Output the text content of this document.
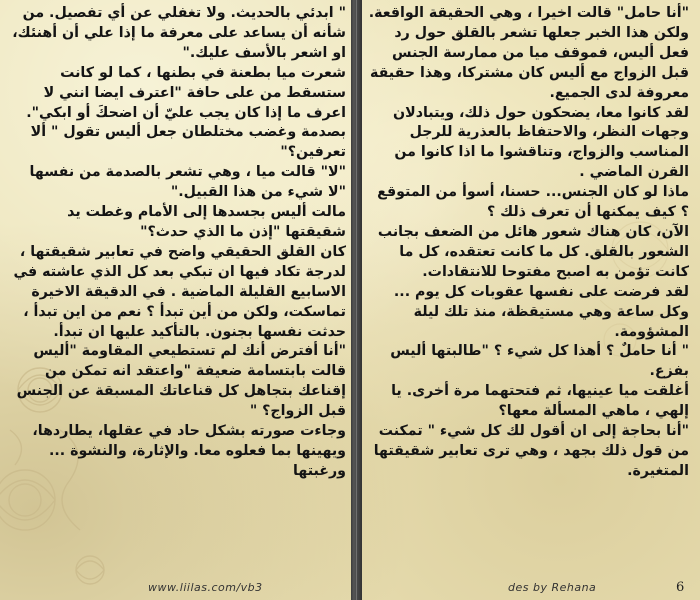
" ابدئي بالحديث. ولا تغفلي عن أي تفصيل. من شأنه أن يساعد على معرفة ما إذا علي أن أهنئك، او اشعر بالأسف عليك."

شعرت ميا بطعنة في بطنها ، كما لو كانت ستسقط من على حافة "اعترف ايضا انني لا اعرف ما إذا كان يجب عليّ أن اضحكَ أو ابكي".

بصدمة وغضب مختلطان جعل أليس تقول " ألا تعرفين؟"

"لا" قالت ميا ، وهي تشعر بالصدمة من نفسها "لا شيء من هذا القبيل."

مالت أليس بجسدها إلى الأمام وغطت يد شقيقتها "إذن ما الذي حدث؟"

كان القلق الحقيقي واضح في تعابير شقيقتها ، لدرجة تكاد فيها ان تبكي بعد كل الذي عاشته في الاسابيع القليلة الماضية . في الدقيقة الاخيرة تماسكت، ولكن من أين تبدأ ؟ نعم من اين تبدأ ، حدثت نفسها بجنون. بالتأكيد عليها ان تبدأ.

"أنا أفترض أنك لم تستطيعي المقاومة "أليس قالت بابتسامة ضعيفة "واعتقد انه تمكن من إقناعك بتجاهل كل قناعاتك المسبقة عن الجنس قبل الزواج؟ "

وجاءت صورته بشكل حاد في عقلها، يطاردها، ويهينها بما فعلوه معا. والإثارة، والنشوة ... ورغبتها

"أنا حامل" قالت اخيرا ، وهي الحقيقة الواقعة. ولكن هذا الخبر جعلها تشعر بالقلق حول رد فعل أليس، فموقف ميا من ممارسة الجنس قبل الزواج مع أليس كان مشتركا، وهذا حقيقة معروفة لدى الجميع.

لقد كانوا معا، يضحكون حول ذلك، ويتبادلان وجهات النظر، والاحتفاظ بالعذرية للرجل المناسب والزواج، وتناقشوا ما اذا كانوا من القرن الماضي .

ماذا لو كان الجنس... حسنا، أسوأ من المتوقع ؟ كيف يمكنها أن تعرف ذلك ؟

الآن، كان هناك شعور هائل من الضعف بجانب الشعور بالقلق. كل ما كانت تعتقده، كل ما كانت تؤمن به اصبح مفتوحا للانتقادات.

لقد فرضت على نفسها عقوبات كل يوم ... وكل ساعة وهي مستيقظة، منذ تلك ليلة المشؤومة.

" أنا حاملٌ ؟ أهذا كل شيء ؟ "طالبتها أليس بفزع.

أغلقت ميا عينيها، ثم فتحتهما مرة أخرى. يا إلهي ، ماهي المسألة معها؟

"أنا بحاجة إلى ان أقول لك كل شيء " تمكنت من قول ذلك بجهد ، وهي ترى تعابير شقيقتها المتغيرة.

www.liilas.com/vb3	des by Rehana	6
